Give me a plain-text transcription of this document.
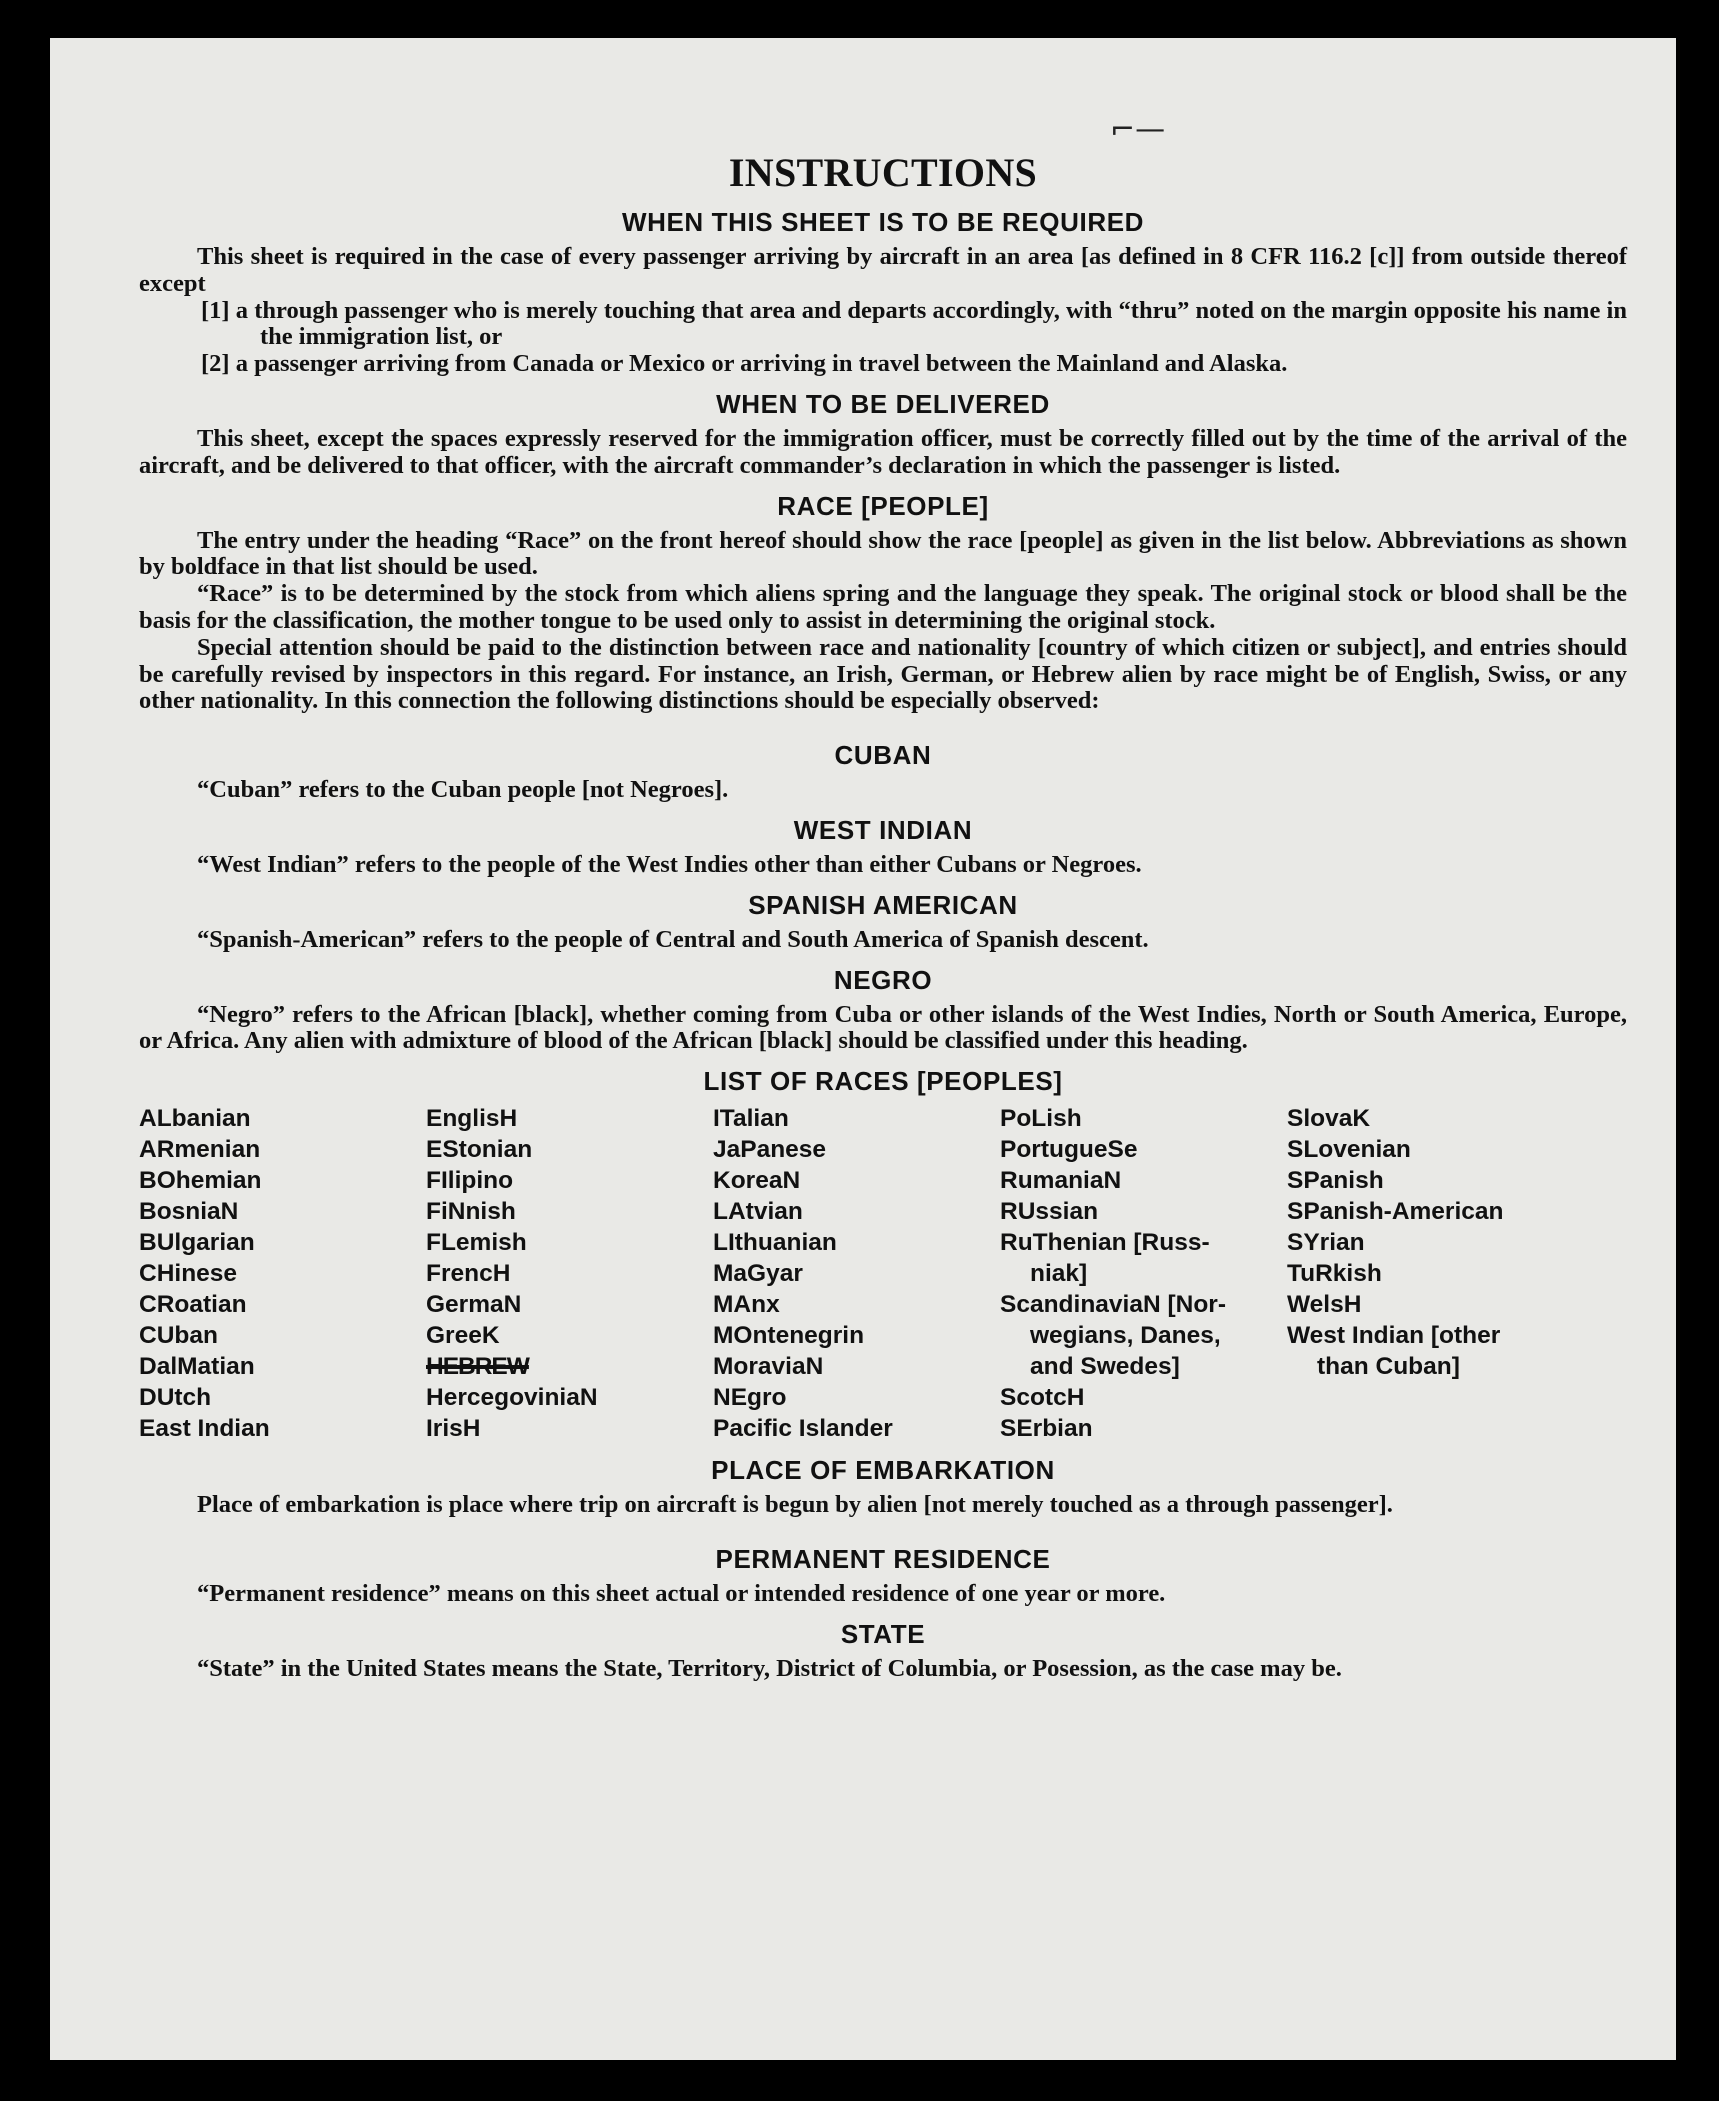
⌐—
INSTRUCTIONS
WHEN THIS SHEET IS TO BE REQUIRED

This sheet is required in the case of every passenger arriving by aircraft in an area [as defined in 8 CFR 116.2 [c]] from outside thereof except

[1] a through passenger who is merely touching that area and departs accordingly, with “thru” noted on the margin opposite his name in the immigration list, or

[2] a passenger arriving from Canada or Mexico or arriving in travel between the Mainland and Alaska.

WHEN TO BE DELIVERED

This sheet, except the spaces expressly reserved for the immigration officer, must be correctly filled out by the time of the arrival of the aircraft, and be delivered to that officer, with the aircraft commander’s declaration in which the passenger is listed.

RACE [PEOPLE]

The entry under the heading “Race” on the front hereof should show the race [people] as given in the list below. Abbreviations as shown by boldface in that list should be used.

“Race” is to be determined by the stock from which aliens spring and the language they speak. The original stock or blood shall be the basis for the classification, the mother tongue to be used only to assist in determining the original stock.

Special attention should be paid to the distinction between race and nationality [country of which citizen or subject], and entries should be carefully revised by inspectors in this regard. For instance, an Irish, German, or Hebrew alien by race might be of English, Swiss, or any other nationality. In this connection the following distinctions should be especially observed:

CUBAN

“Cuban” refers to the Cuban people [not Negroes].

WEST INDIAN

“West Indian” refers to the people of the West Indies other than either Cubans or Negroes.

SPANISH AMERICAN

“Spanish-American” refers to the people of Central and South America of Spanish descent.

NEGRO

“Negro” refers to the African [black], whether coming from Cuba or other islands of the West Indies, North or South America, Europe, or Africa. Any alien with admixture of blood of the African [black] should be classified under this heading.

LIST OF RACES [PEOPLES]
ALbanian
ARmenian
BOhemian
BosniaN
BUlgarian
CHinese
CRoatian
CUban
DalMatian
DUtch
East Indian
EnglisH
EStonian
FIlipino
FiNnish
FLemish
FrencH
GermaN
GreeK
HEBREW
HercegoviniaN
IrisH
ITalian
JaPanese
KoreaN
LAtvian
LIthuanian
MaGyar
MAnx
MOntenegrin
MoraviaN
NEgro
Pacific Islander
PoLish
PortugueSe
RumaniaN
RUssian
RuThenian [Russ-
niak]
ScandinaviaN [Nor-
wegians, Danes,
and Swedes]
ScotcH
SErbian
SlovaK
SLovenian
SPanish
SPanish-American
SYrian
TuRkish
WelsH
West Indian [other
than Cuban]
PLACE OF EMBARKATION

Place of embarkation is place where trip on aircraft is begun by alien [not merely touched as a through passenger].

PERMANENT RESIDENCE

“Permanent residence” means on this sheet actual or intended residence of one year or more.

STATE

“State” in the United States means the State, Territory, District of Columbia, or Posession, as the case may be.
